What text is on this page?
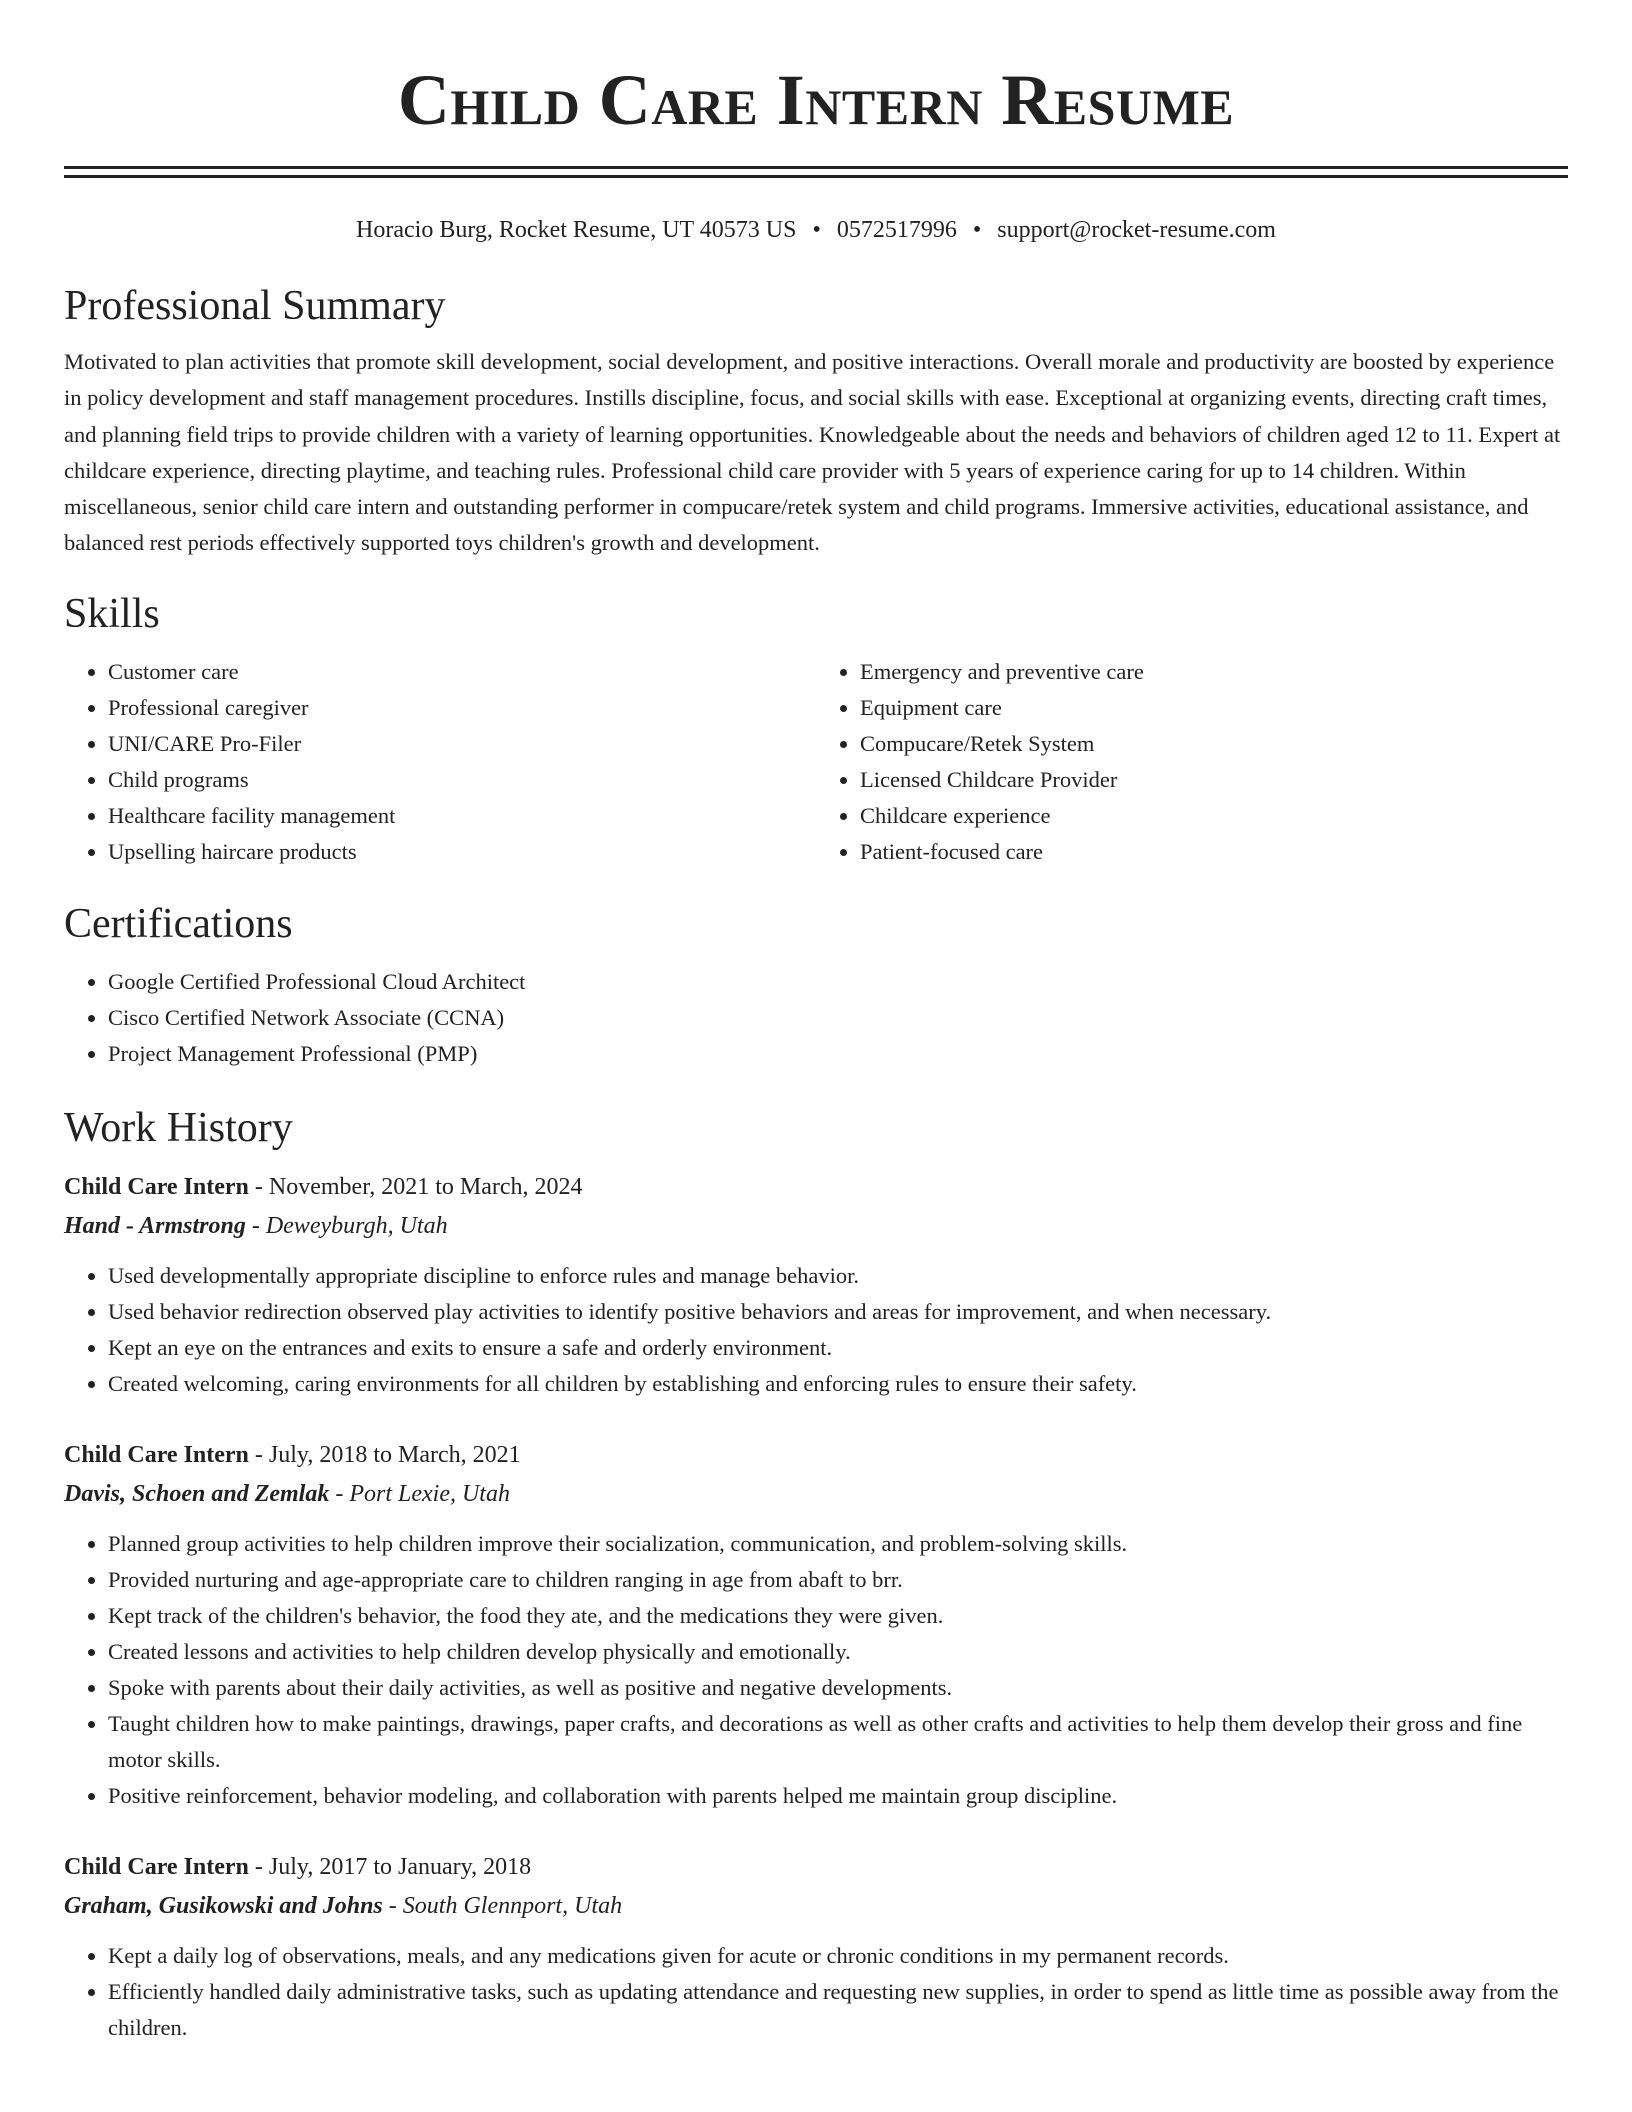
Child Care Intern Resume
Horacio Burg, Rocket Resume, UT 40573 US • 0572517996 • support@rocket-resume.com
Professional Summary

Motivated to plan activities that promote skill development, social development, and positive interactions. Overall morale and productivity are boosted by experience in policy development and staff management procedures. Instills discipline, focus, and social skills with ease. Exceptional at organizing events, directing craft times, and planning field trips to provide children with a variety of learning opportunities. Knowledgeable about the needs and behaviors of children aged 12 to 11. Expert at childcare experience, directing playtime, and teaching rules. Professional child care provider with 5 years of experience caring for up to 14 children. Within miscellaneous, senior child care intern and outstanding performer in compucare/retek system and child programs. Immersive activities, educational assistance, and balanced rest periods effectively supported toys children's growth and development.

Skills
• Customer care
• Professional caregiver
• UNI/CARE Pro-Filer
• Child programs
• Healthcare facility management
• Upselling haircare products
• Emergency and preventive care
• Equipment care
• Compucare/Retek System
• Licensed Childcare Provider
• Childcare experience
• Patient-focused care
Certifications
• Google Certified Professional Cloud Architect
• Cisco Certified Network Associate (CCNA)
• Project Management Professional (PMP)
Work History
Child Care Intern - November, 2021 to March, 2024
Hand - Armstrong - Deweyburgh, Utah
• Used developmentally appropriate discipline to enforce rules and manage behavior.
• Used behavior redirection observed play activities to identify positive behaviors and areas for improvement, and when necessary.
• Kept an eye on the entrances and exits to ensure a safe and orderly environment.
• Created welcoming, caring environments for all children by establishing and enforcing rules to ensure their safety.
Child Care Intern - July, 2018 to March, 2021
Davis, Schoen and Zemlak - Port Lexie, Utah
• Planned group activities to help children improve their socialization, communication, and problem-solving skills.
• Provided nurturing and age-appropriate care to children ranging in age from abaft to brr.
• Kept track of the children's behavior, the food they ate, and the medications they were given.
• Created lessons and activities to help children develop physically and emotionally.
• Spoke with parents about their daily activities, as well as positive and negative developments.
• Taught children how to make paintings, drawings, paper crafts, and decorations as well as other crafts and activities to help them develop their gross and fine motor skills.
• Positive reinforcement, behavior modeling, and collaboration with parents helped me maintain group discipline.
Child Care Intern - July, 2017 to January, 2018
Graham, Gusikowski and Johns - South Glennport, Utah
• Kept a daily log of observations, meals, and any medications given for acute or chronic conditions in my permanent records.
• Efficiently handled daily administrative tasks, such as updating attendance and requesting new supplies, in order to spend as little time as possible away from the children.
